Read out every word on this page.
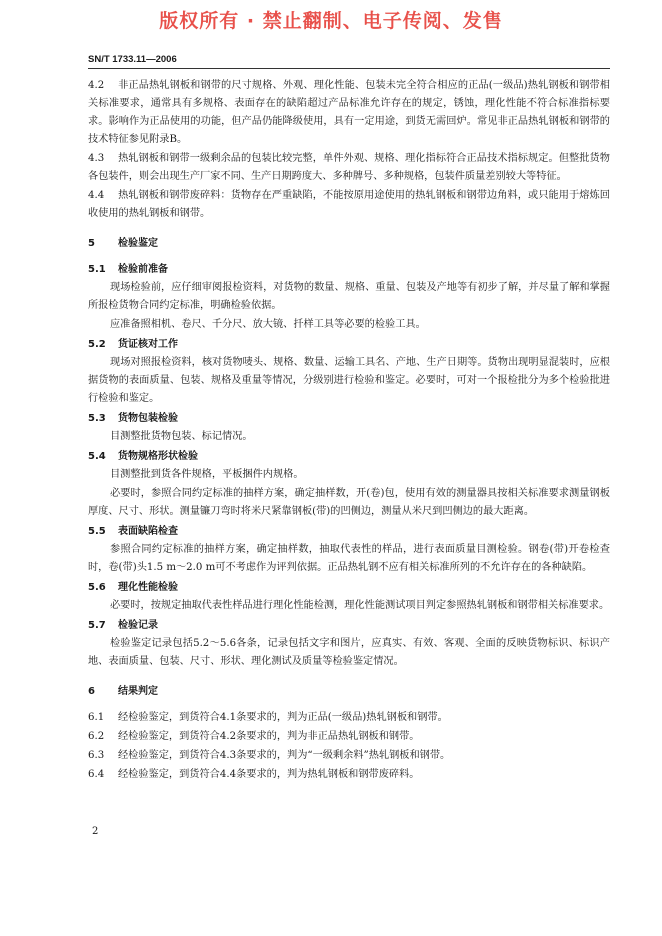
版权所有 · 禁止翻制、电子传阅、发售
SN/T 1733.11—2006
4.2 非正品热轧钢板和钢带的尺寸规格、外观、理化性能、包装未完全符合相应的正品(一级品)热轧钢板和钢带相关标准要求，通常具有多规格、表面存在的缺陷超过产品标准允许存在的规定，锈蚀，理化性能不符合标准指标要求。影响作为正品使用的功能，但产品仍能降级使用，具有一定用途，到货无需回炉。常见非正品热轧钢板和钢带的技术特征参见附录B。
4.3 热轧钢板和钢带一级剩余品的包装比较完整，单件外观、规格、理化指标符合正品技术指标规定。但整批货物各包装件，则会出现生产厂家不同、生产日期跨度大、多种牌号、多种规格，包装件质量差别较大等特征。
4.4 热轧钢板和钢带废碎料：货物存在严重缺陷，不能按原用途使用的热轧钢板和钢带边角料，或只能用于熔炼回收使用的热轧钢板和钢带。
5 检验鉴定
5.1 检验前准备
现场检验前，应仔细审阅报检资料，对货物的数量、规格、重量、包装及产地等有初步了解，并尽量了解和掌握所报检货物合同约定标准，明确检验依据。
应准备照相机、卷尺、千分尺、放大镜、扦样工具等必要的检验工具。
5.2 货证核对工作
现场对照报检资料，核对货物唛头、规格、数量、运输工具名、产地、生产日期等。货物出现明显混装时，应根据货物的表面质量、包装、规格及重量等情况，分级别进行检验和鉴定。必要时，可对一个报检批分为多个检验批进行检验和鉴定。
5.3 货物包装检验
目测整批货物包装、标记情况。
5.4 货物规格形状检验
目测整批到货各件规格，平板捆件内规格。
必要时，参照合同约定标准的抽样方案，确定抽样数，开(卷)包，使用有效的测量器具按相关标准要求测量钢板厚度、尺寸、形状。测量镰刀弯时将米尺紧靠钢板(带)的凹侧边，测量从米尺到凹侧边的最大距离。
5.5 表面缺陷检查
参照合同约定标准的抽样方案，确定抽样数，抽取代表性的样品，进行表面质量目测检验。钢卷(带)开卷检查时，卷(带)头1.5 m～2.0 m可不考虑作为评判依据。正品热轧钢不应有相关标准所列的不允许存在的各种缺陷。
5.6 理化性能检验
必要时，按规定抽取代表性样品进行理化性能检测，理化性能测试项目判定参照热轧钢板和钢带相关标准要求。
5.7 检验记录
检验鉴定记录包括5.2～5.6各条，记录包括文字和图片，应真实、有效、客观、全面的反映货物标识、标识产地、表面质量、包装、尺寸、形状、理化测试及质量等检验鉴定情况。
6 结果判定
6.1 经检验鉴定，到货符合4.1条要求的，判为正品(一级品)热轧钢板和钢带。
6.2 经检验鉴定，到货符合4.2条要求的，判为非正品热轧钢板和钢带。
6.3 经检验鉴定，到货符合4.3条要求的，判为“一级剩余料”热轧钢板和钢带。
6.4 经检验鉴定，到货符合4.4条要求的，判为热轧钢板和钢带废碎料。
2
